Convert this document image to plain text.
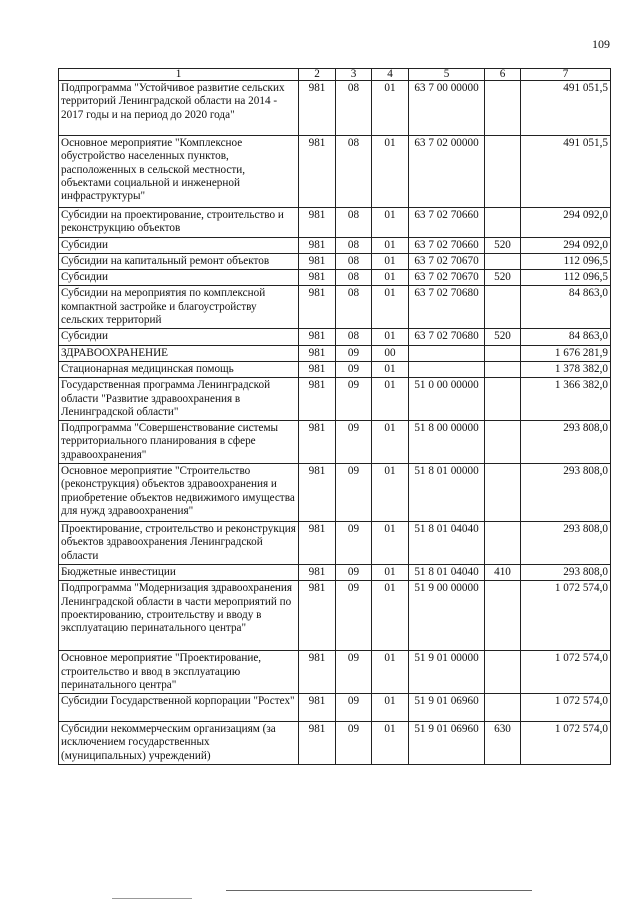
109
1	2	3	4	5	6	7
Подпрограмма "Устойчивое развитие сельских территорий Ленинградской области на 2014 - 2017 годы и на период до 2020 года"	981	08	01	63 7 00 00000		491 051,5
Основное мероприятие "Комплексное обустройство населенных пунктов, расположенных в сельской местности, объектами социальной и инженерной инфраструктуры"	981	08	01	63 7 02 00000		491 051,5
Субсидии на проектирование, строительство и реконструкцию объектов	981	08	01	63 7 02 70660		294 092,0
Субсидии	981	08	01	63 7 02 70660	520	294 092,0
Субсидии на капитальный ремонт объектов	981	08	01	63 7 02 70670		112 096,5
Субсидии	981	08	01	63 7 02 70670	520	112 096,5
Субсидии на мероприятия по комплексной компактной застройке и благоустройству сельских территорий	981	08	01	63 7 02 70680		84 863,0
Субсидии	981	08	01	63 7 02 70680	520	84 863,0
ЗДРАВООХРАНЕНИЕ	981	09	00			1 676 281,9
Стационарная медицинская помощь	981	09	01			1 378 382,0
Государственная программа Ленинградской области "Развитие здравоохранения в Ленинградской области"	981	09	01	51 0 00 00000		1 366 382,0
Подпрограмма "Совершенствование системы территориального планирования в сфере здравоохранения"	981	09	01	51 8 00 00000		293 808,0
Основное мероприятие "Строительство (реконструкция) объектов здравоохранения и приобретение объектов недвижимого имущества для нужд здравоохранения"	981	09	01	51 8 01 00000		293 808,0
Проектирование, строительство и реконструкция объектов здравоохранения Ленинградской области	981	09	01	51 8 01 04040		293 808,0
Бюджетные инвестиции	981	09	01	51 8 01 04040	410	293 808,0
Подпрограмма "Модернизация здравоохранения Ленинградской области в части мероприятий по проектированию, строительству и вводу в эксплуатацию перинатального центра"	981	09	01	51 9 00 00000		1 072 574,0
Основное мероприятие "Проектирование, строительство и ввод в эксплуатацию перинатального центра"	981	09	01	51 9 01 00000		1 072 574,0
Субсидии Государственной корпорации "Ростех"	981	09	01	51 9 01 06960		1 072 574,0
Субсидии некоммерческим организациям (за исключением государственных (муниципальных) учреждений)	981	09	01	51 9 01 06960	630	1 072 574,0
